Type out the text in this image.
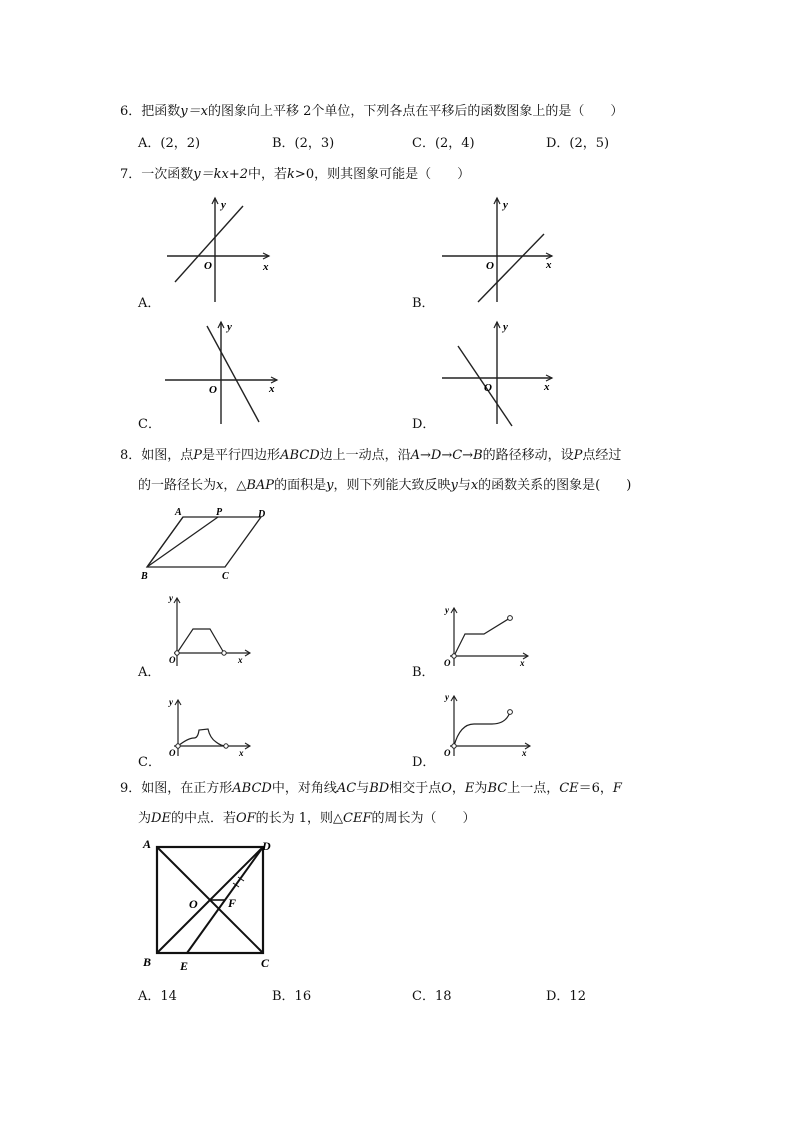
6．把函数y＝x的图象向上平移 2个单位，下列各点在平移后的函数图象上的是（　　）
A．(2，2)	B．(2，3)	C．(2，4)	D．(2，5)
7．一次函数y＝kx+2中，若k>0，则其图象可能是（　　）
y
x
O
A．
y
x
O
B．
y
x
O
C．
y
x
O
D．
8．如图，点P是平行四边形ABCD边上一动点，沿A→D→C→B的路径移动，设P点经过
的一路径长为x，△BAP的面积是y，则下列能大致反映y与x的函数关系的图象是(　　)
A	P	D
B	C
y
x
O
A．
y
x
O
B．
y
x
O
C．
y
x
O
D．
9．如图，在正方形ABCD中，对角线AC与BD相交于点O，E为BC上一点，CE＝6，F
为DE的中点．若OF的长为 1，则△CEF的周长为（　　）
A	D
O	F
B E	C
A．14	B．16	C．18	D．12
